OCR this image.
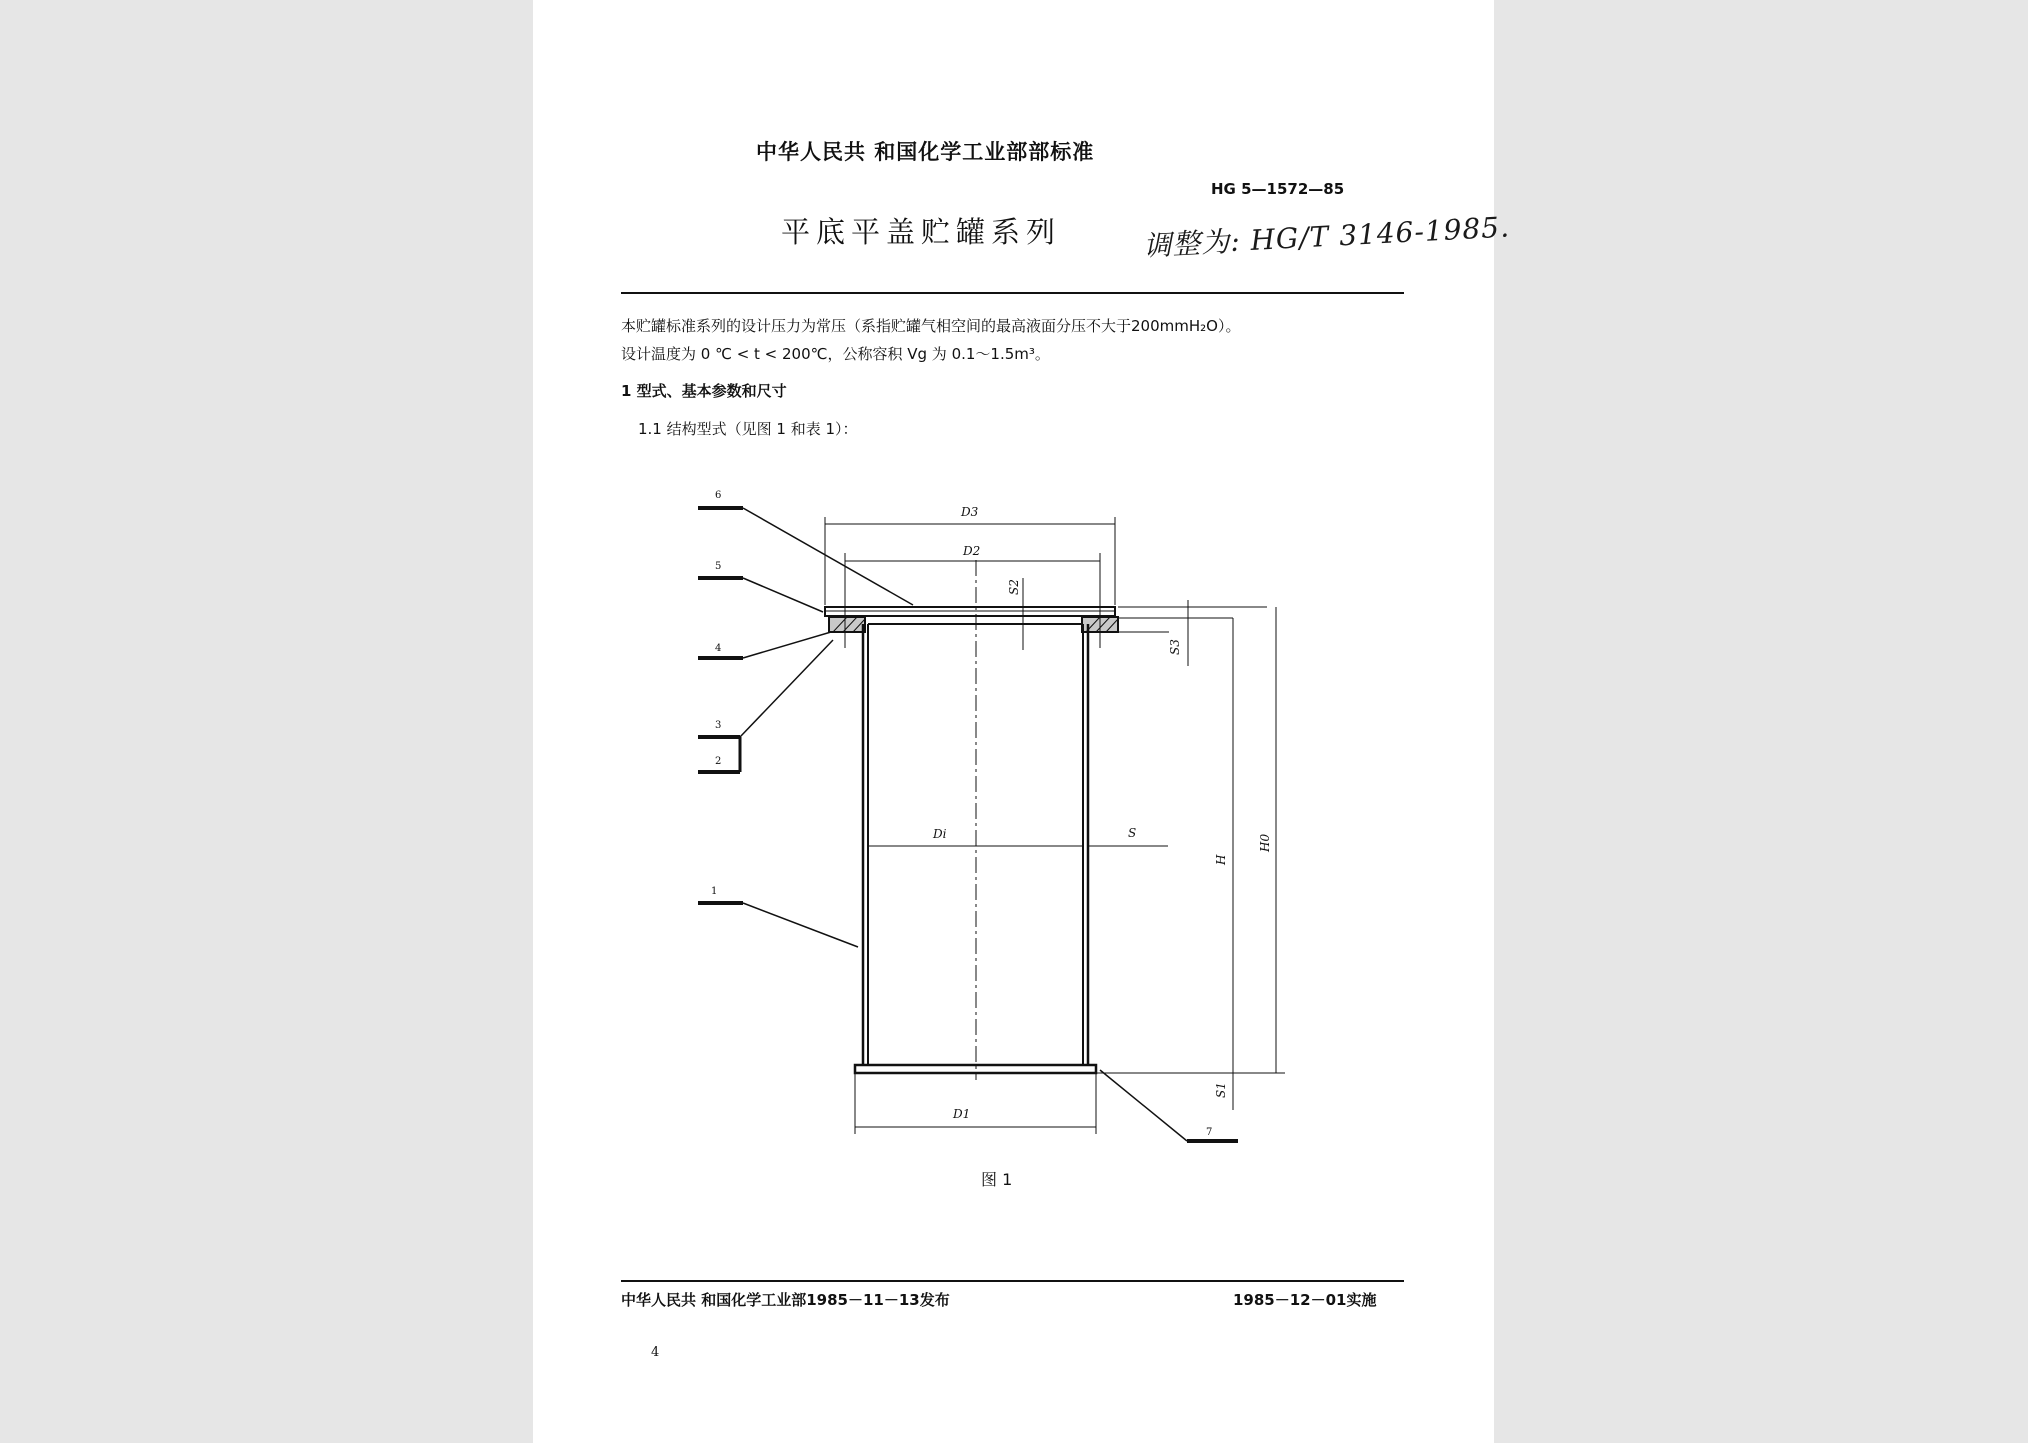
中华人民共 和国化学工业部部标准
HG 5—1572—85
平底平盖贮罐系列	调整为: HG/T 3146-1985.
本贮罐标准系列的设计压力为常压（系指贮罐气相空间的最高液面分压不大于200mmH₂O）。
设计温度为 0 ℃ < t < 200℃，公称容积 Vg 为 0.1～1.5m³。
1 型式、基本参数和尺寸
1.1 结构型式（见图 1 和表 1）：
6
5
4
3
2
1
7
D3
D2
Di	S
D1
S2
S3
H
H0
S1
图 1
中华人民共 和国化学工业部1985－11－13发布	1985－12－01实施
4
